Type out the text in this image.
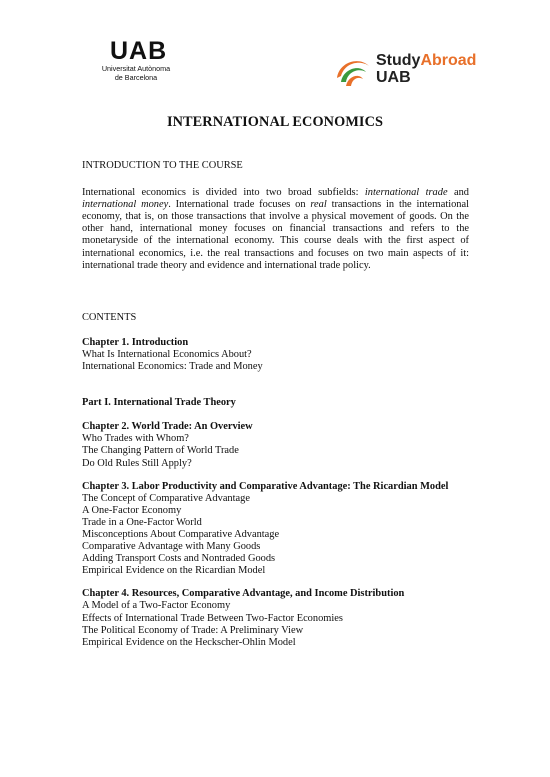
UAB
Universitat Autònoma
de Barcelona
StudyAbroad
UAB
INTERNATIONAL ECONOMICS

INTRODUCTION TO THE COURSE

International economics is divided into two broad subfields: international trade and international money. International trade focuses on real transactions in the international economy, that is, on those transactions that involve a physical movement of goods. On the other hand, international money focuses on financial transactions and refers to the monetaryside of the international economy. This course deals with the first aspect of international economics, i.e. the real transactions and focuses on two main aspects of it: international trade theory and evidence and international trade policy.

CONTENTS

Chapter 1. Introduction

What Is International Economics About?

International Economics: Trade and Money

Part I. International Trade Theory

Chapter 2. World Trade: An Overview

Who Trades with Whom?

The Changing Pattern of World Trade

Do Old Rules Still Apply?

Chapter 3. Labor Productivity and Comparative Advantage: The Ricardian Model

The Concept of Comparative Advantage

A One-Factor Economy

Trade in a One-Factor World

Misconceptions About Comparative Advantage

Comparative Advantage with Many Goods

Adding Transport Costs and Nontraded Goods

Empirical Evidence on the Ricardian Model

Chapter 4. Resources, Comparative Advantage, and Income Distribution

A Model of a Two-Factor Economy

Effects of International Trade Between Two-Factor Economies

The Political Economy of Trade: A Preliminary View

Empirical Evidence on the Heckscher-Ohlin Model
